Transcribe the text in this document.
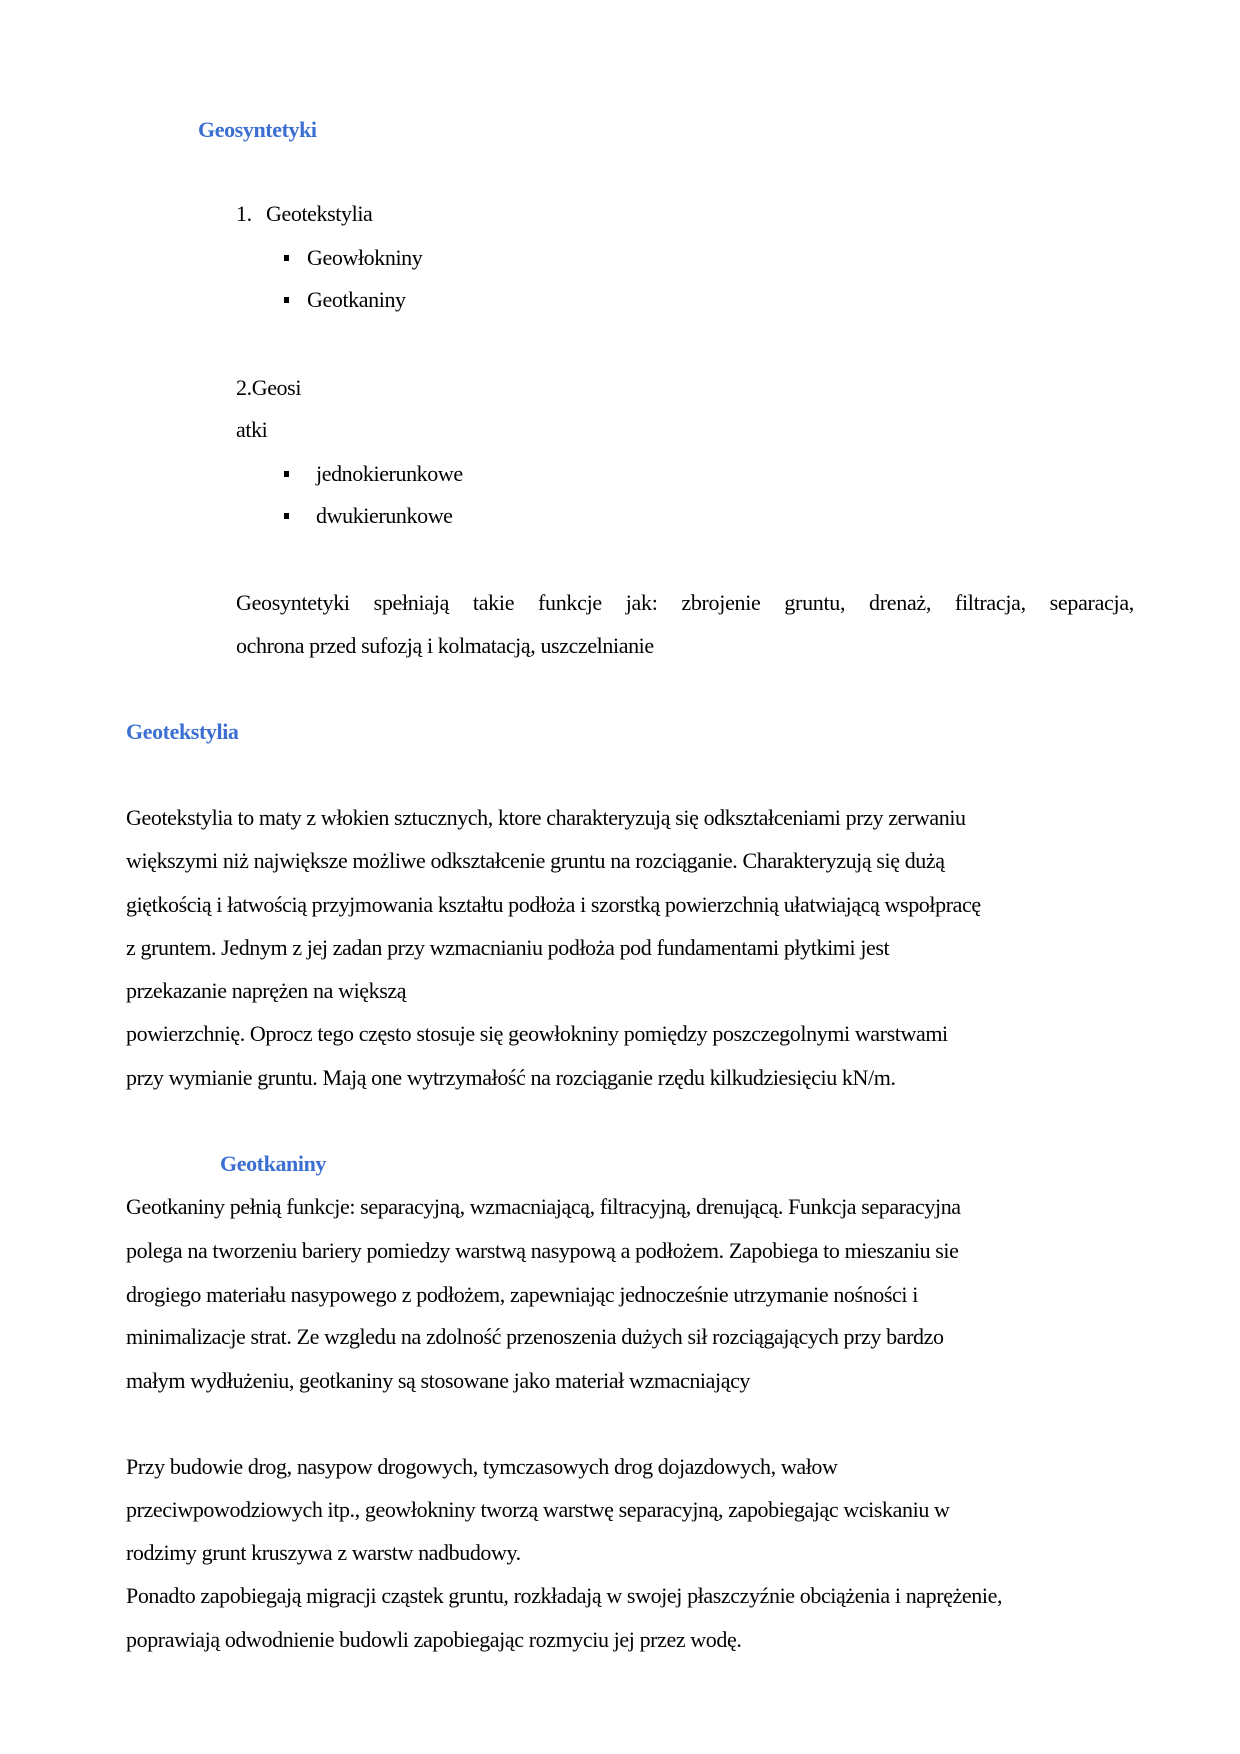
Geosyntetyki
1. Geotekstylia
Geowłokniny
Geotkaniny
2.Geosi
atki
jednokierunkowe
dwukierunkowe
Geosyntetyki spełniają takie funkcje jak: zbrojenie gruntu, drenaż, filtracja, separacja,
ochrona przed sufozją i kolmatacją, uszczelnianie
Geotekstylia
Geotekstylia to maty z włokien sztucznych, ktore charakteryzują się odkształceniami przy zerwaniu
większymi niż największe możliwe odkształcenie gruntu na rozciąganie. Charakteryzują się dużą
giętkością i łatwością przyjmowania kształtu podłoża i szorstką powierzchnią ułatwiającą wspołpracę
z gruntem. Jednym z jej zadan przy wzmacnianiu podłoża pod fundamentami płytkimi jest
przekazanie naprężen na większą
powierzchnię. Oprocz tego często stosuje się geowłokniny pomiędzy poszczegolnymi warstwami
przy wymianie gruntu. Mają one wytrzymałość na rozciąganie rzędu kilkudziesięciu kN/m.
Geotkaniny
Geotkaniny pełnią funkcje: separacyjną, wzmacniającą, filtracyjną, drenującą. Funkcja separacyjna
polega na tworzeniu bariery pomiedzy warstwą nasypową a podłożem. Zapobiega to mieszaniu sie
drogiego materiału nasypowego z podłożem, zapewniając jednocześnie utrzymanie nośności i
minimalizacje strat. Ze wzgledu na zdolność przenoszenia dużych sił rozciągających przy bardzo
małym wydłużeniu, geotkaniny są stosowane jako materiał wzmacniający
Przy budowie drog, nasypow drogowych, tymczasowych drog dojazdowych, wałow
przeciwpowodziowych itp., geowłokniny tworzą warstwę separacyjną, zapobiegając wciskaniu w
rodzimy grunt kruszywa z warstw nadbudowy.
Ponadto zapobiegają migracji cząstek gruntu, rozkładają w swojej płaszczyźnie obciążenia i naprężenie,
poprawiają odwodnienie budowli zapobiegając rozmyciu jej przez wodę.
